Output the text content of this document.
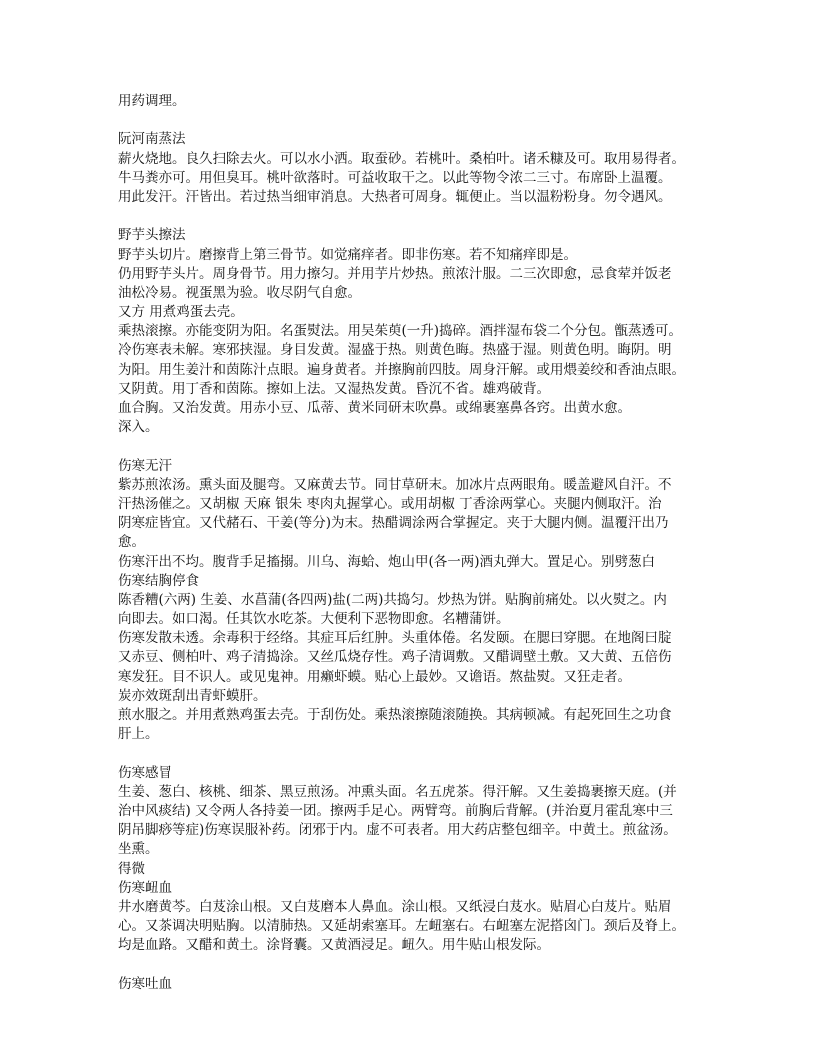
用药调理。
阮河南蒸法
薪火烧地。良久扫除去火。可以水小洒。取蚕砂。若桃叶。桑柏叶。诸禾糠及可。取用易得者。
牛马粪亦可。用但臭耳。桃叶欲落时。可益收取干之。以此等物令浓二三寸。布席卧上温覆。
用此发汗。汗皆出。若过热当细审消息。大热者可周身。辄便止。当以温粉粉身。勿令遇风。
野芋头擦法
野芋头切片。磨擦背上第三骨节。如觉痛痒者。即非伤寒。若不知痛痒即是。
仍用野芋头片。周身骨节。用力擦匀。并用芋片炒热。煎浓汁服。二三次即愈，忌食荤并饭老
油松冷易。视蛋黑为验。收尽阴气自愈。
又方 用煮鸡蛋去壳。
乘热滚擦。亦能变阴为阳。名蛋熨法。用吴茱萸(一升)捣碎。酒拌湿布袋二个分包。甑蒸透可。
冷伤寒表未解。寒邪挟湿。身目发黄。湿盛于热。则黄色晦。热盛于湿。则黄色明。晦阴。明
为阳。用生姜汁和茵陈汁点眼。遍身黄者。并擦胸前四肢。周身汗解。或用煨姜绞和香油点眼。
又阴黄。用丁香和茵陈。擦如上法。又湿热发黄。昏沉不省。雄鸡破背。
血合胸。又治发黄。用赤小豆、瓜蒂、黄米同研末吹鼻。或绵裹塞鼻各窍。出黄水愈。
深入。
伤寒无汗
紫苏煎浓汤。熏头面及腿弯。又麻黄去节。同甘草研末。加冰片点两眼角。暖盖避风自汗。不
汗热汤催之。又胡椒 天麻 银朱 枣肉丸握掌心。或用胡椒 丁香涂两掌心。夹腿内侧取汗。治
阴寒症皆宜。又代赭石、干姜(等分)为末。热醋调涂两合掌握定。夹于大腿内侧。温覆汗出乃
愈。
伤寒汗出不均。腹背手足搐搦。川乌、海蛤、炮山甲(各一两)酒丸弹大。置足心。别劈葱白
伤寒结胸停食
陈香糟(六两) 生姜、水菖蒲(各四两)盐(二两)共捣匀。炒热为饼。贴胸前痛处。以火熨之。内
向即去。如口渴。任其饮水吃茶。大便利下恶物即愈。名糟蒲饼。
伤寒发散未透。余毒积于经络。其症耳后红肿。头重体倦。名发颐。在腮曰穿腮。在地阁曰腚
又赤豆、侧柏叶、鸡子清捣涂。又丝瓜烧存性。鸡子清调敷。又醋调壁土敷。又大黄、五倍伤
寒发狂。目不识人。或见鬼神。用癞虾蟆。贴心上最妙。又谵语。熬盐熨。又狂走者。
炭亦效斑刮出青虾蟆肝。
煎水服之。并用煮熟鸡蛋去壳。于刮伤处。乘热滚擦随滚随换。其病顿减。有起死回生之功食
肝上。
伤寒感冒
生姜、葱白、核桃、细茶、黑豆煎汤。冲熏头面。名五虎茶。得汗解。又生姜捣裹擦天庭。(并
治中风痰结) 又令两人各持姜一团。擦两手足心。两臂弯。前胸后背解。(并治夏月霍乱寒中三
阴吊脚痧等症)伤寒误服补药。闭邪于内。虚不可表者。用大药店整包细辛。中黄土。煎盆汤。
坐熏。
得微
伤寒衄血
井水磨黄芩。白芨涂山根。又白芨磨本人鼻血。涂山根。又纸浸白芨水。贴眉心白芨片。贴眉
心。又茶调决明贴胸。以清肺热。又延胡索塞耳。左衄塞右。右衄塞左泥搭囟门。颈后及脊上。
均是血路。又醋和黄土。涂肾囊。又黄酒浸足。衄久。用牛贴山根发际。
伤寒吐血
